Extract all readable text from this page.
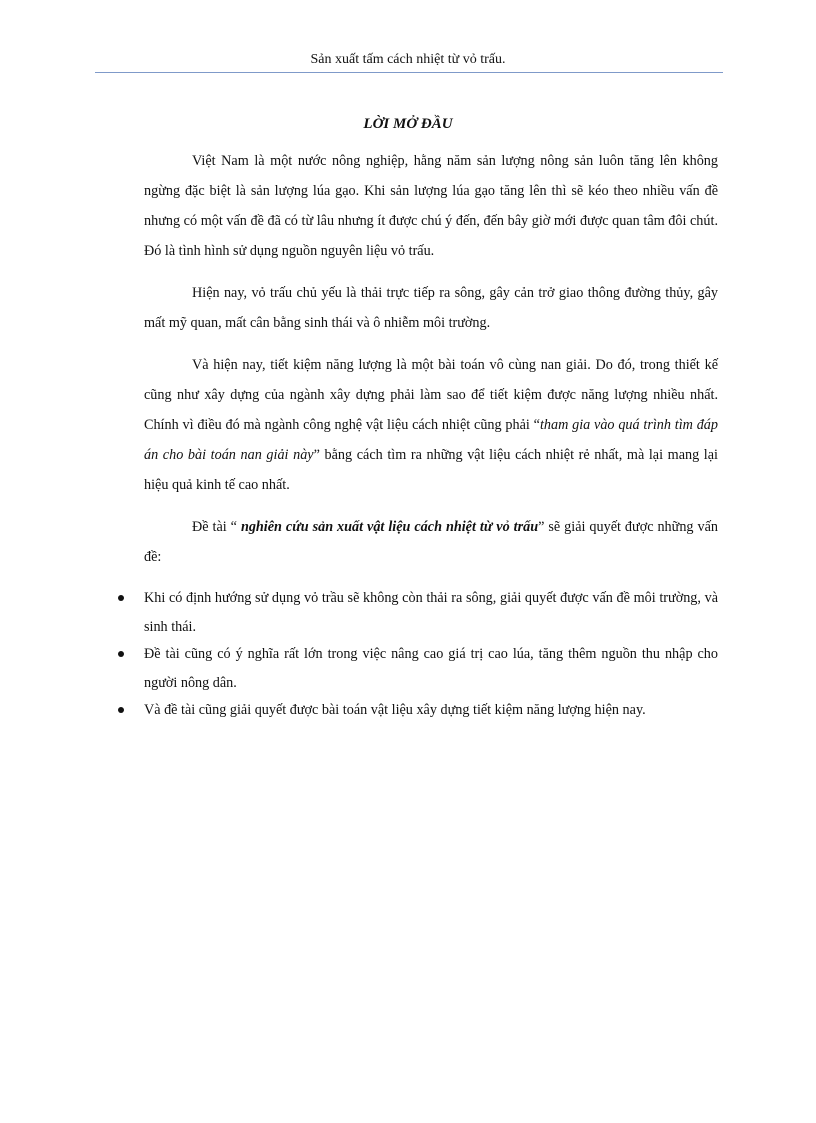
Sản xuất tấm cách nhiệt từ vỏ trấu.
LỜI MỞ ĐẦU

Việt Nam là một nước nông nghiệp, hằng năm sản lượng nông sản luôn tăng lên không ngừng đặc biệt là sản lượng lúa gạo. Khi sản lượng lúa gạo tăng lên thì sẽ kéo theo nhiều vấn đề nhưng có một vấn đề đã có từ lâu nhưng ít được chú ý đến, đến bây giờ mới được quan tâm đôi chút. Đó là tình hình sử dụng nguồn nguyên liệu vỏ trấu.

Hiện nay, vỏ trấu chủ yếu là thải trực tiếp ra sông, gây cản trở giao thông đường thủy, gây mất mỹ quan, mất cân bằng sinh thái và ô nhiễm môi trường.

Và hiện nay, tiết kiệm năng lượng là một bài toán vô cùng nan giải. Do đó, trong thiết kế cũng như xây dựng của ngành xây dựng phải làm sao để tiết kiệm được năng lượng nhiều nhất. Chính vì điều đó mà ngành công nghệ vật liệu cách nhiệt cũng phải “tham gia vào quá trình tìm đáp án cho bài toán nan giải này” bằng cách tìm ra những vật liệu cách nhiệt rẻ nhất, mà lại mang lại hiệu quả kinh tế cao nhất.

Đề tài “ nghiên cứu sản xuất vật liệu cách nhiệt từ vỏ trấu” sẽ giải quyết được những vấn đề:

Khi có định hướng sử dụng vỏ trầu sẽ không còn thải ra sông, giải quyết được vấn đề môi trường, và sinh thái.
Đề tài cũng có ý nghĩa rất lớn trong việc nâng cao giá trị cao lúa, tăng thêm nguồn thu nhập cho người nông dân.
Và đề tài cũng giải quyết được bài toán vật liệu xây dựng tiết kiệm năng lượng hiện nay.
